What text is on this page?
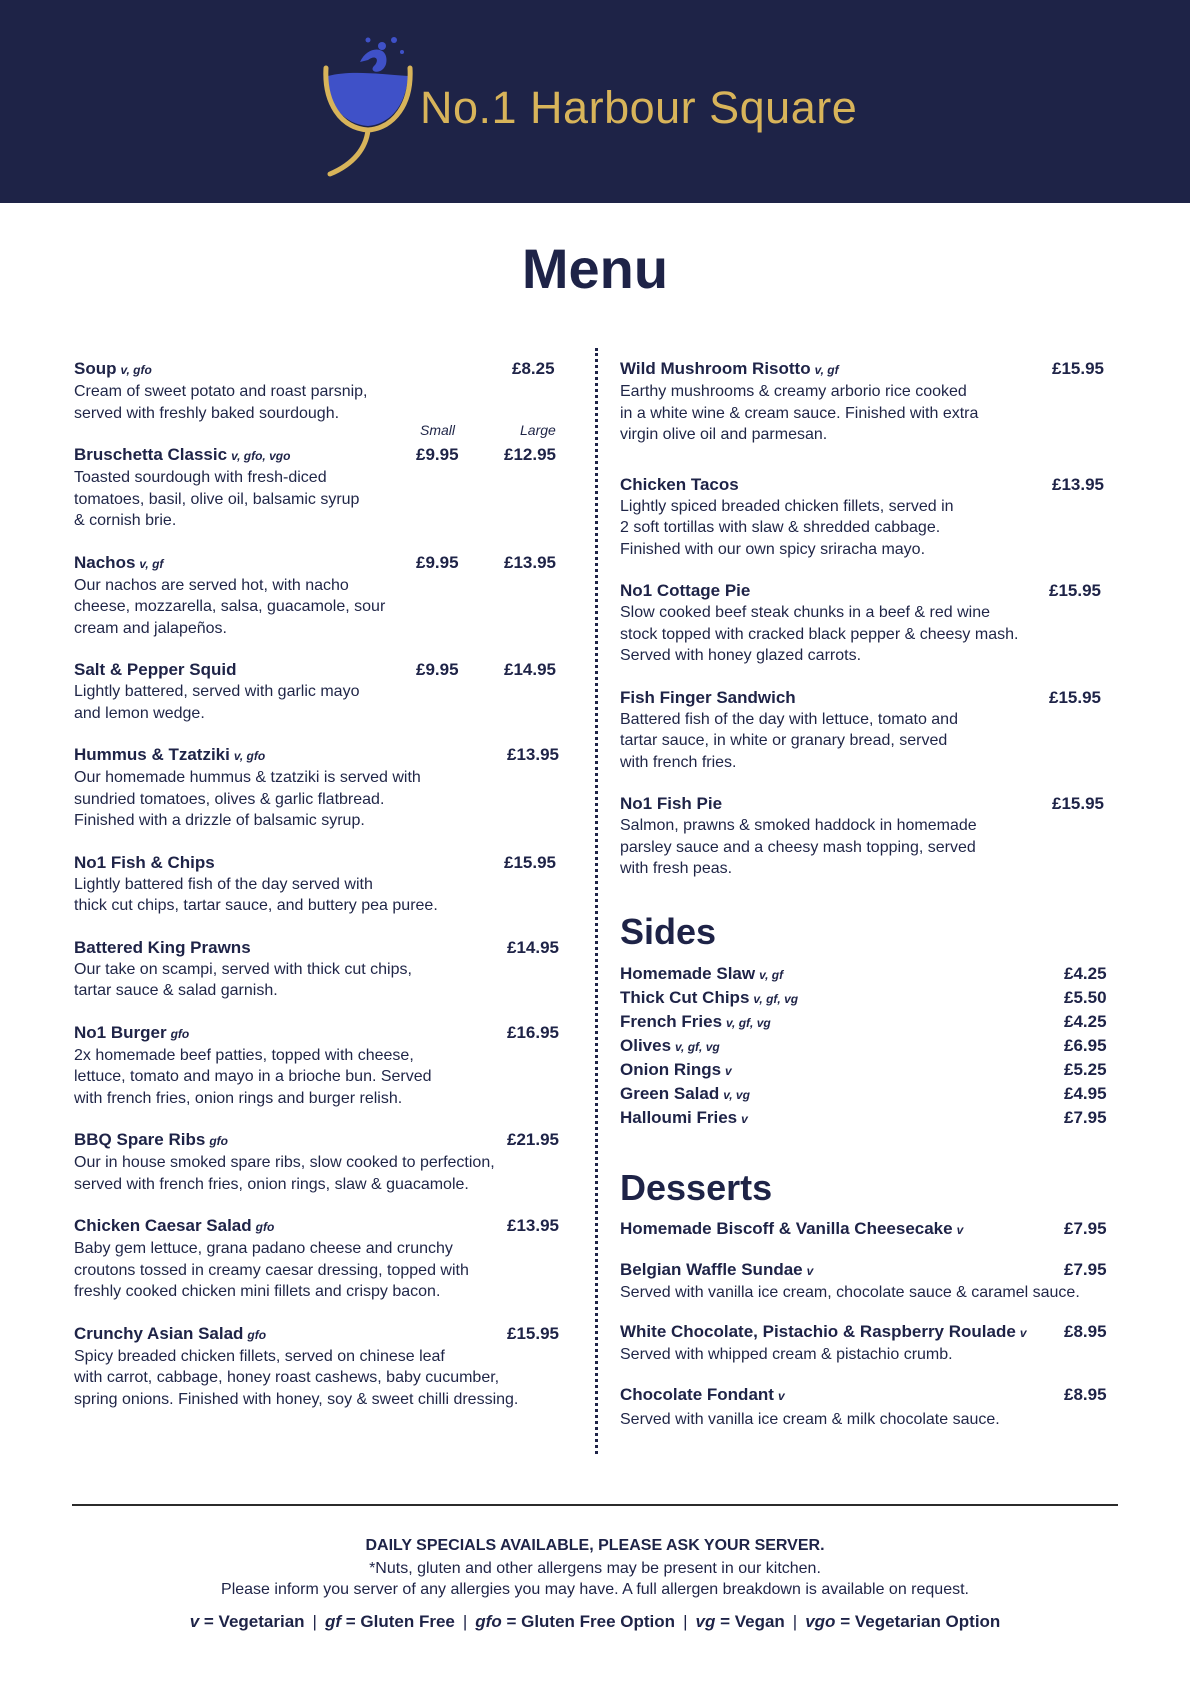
No.1 Harbour Square
Menu
Soup v, gfo	£8.25
Cream of sweet potato and roast parsnip,
served with freshly baked sourdough.
Small	Large
Bruschetta Classic v, gfo, vgo	£9.95	£12.95
Toasted sourdough with fresh-diced
tomatoes, basil, olive oil, balsamic syrup
& cornish brie.
Nachos v, gf	£9.95	£13.95
Our nachos are served hot, with nacho
cheese, mozzarella, salsa, guacamole, sour
cream and jalapeños.
Salt & Pepper Squid	£9.95	£14.95
Lightly battered, served with garlic mayo
and lemon wedge.
Hummus & Tzatziki v, gfo	£13.95
Our homemade hummus & tzatziki is served with
sundried tomatoes, olives & garlic flatbread.
Finished with a drizzle of balsamic syrup.
No1 Fish & Chips	£15.95
Lightly battered fish of the day served with
thick cut chips, tartar sauce, and buttery pea puree.
Battered King Prawns	£14.95
Our take on scampi, served with thick cut chips,
tartar sauce & salad garnish.
No1 Burger gfo	£16.95
2x homemade beef patties, topped with cheese,
lettuce, tomato and mayo in a brioche bun. Served
with french fries, onion rings and burger relish.
BBQ Spare Ribs gfo	£21.95
Our in house smoked spare ribs, slow cooked to perfection,
served with french fries, onion rings, slaw & guacamole.
Chicken Caesar Salad gfo	£13.95
Baby gem lettuce, grana padano cheese and crunchy
croutons tossed in creamy caesar dressing, topped with
freshly cooked chicken mini fillets and crispy bacon.
Crunchy Asian Salad gfo	£15.95
Spicy breaded chicken fillets, served on chinese leaf
with carrot, cabbage, honey roast cashews, baby cucumber,
spring onions. Finished with honey, soy & sweet chilli dressing.
Wild Mushroom Risotto v, gf	£15.95
Earthy mushrooms & creamy arborio rice cooked
in a white wine & cream sauce. Finished with extra
virgin olive oil and parmesan.
Chicken Tacos	£13.95
Lightly spiced breaded chicken fillets, served in
2 soft tortillas with slaw & shredded cabbage.
Finished with our own spicy sriracha mayo.
No1 Cottage Pie	£15.95
Slow cooked beef steak chunks in a beef & red wine
stock topped with cracked black pepper & cheesy mash.
Served with honey glazed carrots.
Fish Finger Sandwich	£15.95
Battered fish of the day with lettuce, tomato and
tartar sauce, in white or granary bread, served
with french fries.
No1 Fish Pie	£15.95
Salmon, prawns & smoked haddock in homemade
parsley sauce and a cheesy mash topping, served
with fresh peas.
Sides
Homemade Slaw v, gf	£4.25
Thick Cut Chips v, gf, vg	£5.50
French Fries v, gf, vg	£4.25
Olives v, gf, vg	£6.95
Onion Rings v	£5.25
Green Salad v, vg	£4.95
Halloumi Fries v	£7.95
Desserts
Homemade Biscoff & Vanilla Cheesecake v	£7.95
Belgian Waffle Sundae v	£7.95
Served with vanilla ice cream, chocolate sauce & caramel sauce.
White Chocolate, Pistachio & Raspberry Roulade v	£8.95
Served with whipped cream & pistachio crumb.
Chocolate Fondant v	£8.95
Served with vanilla ice cream & milk chocolate sauce.
DAILY SPECIALS AVAILABLE, PLEASE ASK YOUR SERVER.
*Nuts, gluten and other allergens may be present in our kitchen.
Please inform you server of any allergies you may have. A full allergen breakdown is available on request.
v = Vegetarian | gf = Gluten Free | gfo = Gluten Free Option | vg = Vegan | vgo = Vegetarian Option
